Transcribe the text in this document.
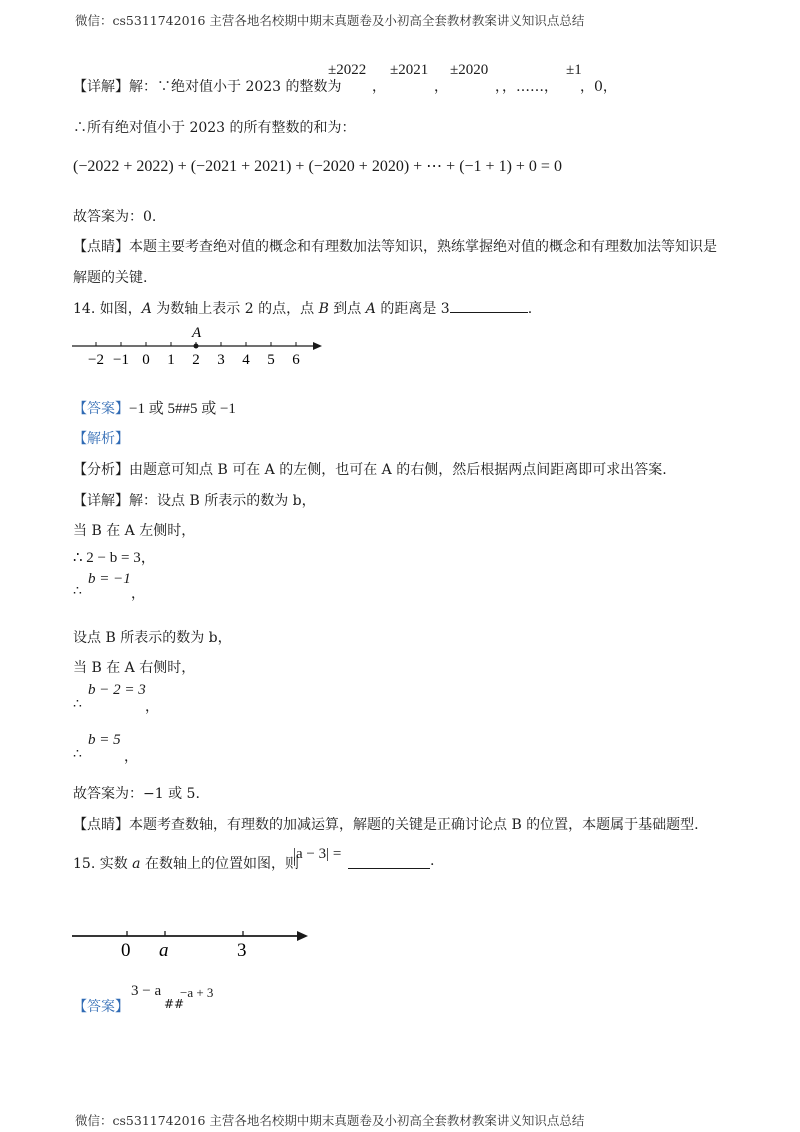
微信：cs5311742016 主营各地名校期中期末真题卷及小初高全套教材教案讲义知识点总结
【详解】解：∵绝对值小于 2023 的整数为
±2022
，
±2021
，
±2020
，，……，
±1
，0，
∴所有绝对值小于 2023 的所有整数的和为：
(−2022 + 2022) + (−2021 + 2021) + (−2020 + 2020) + ⋯ + (−1 + 1) + 0 = 0
故答案为：0.
【点睛】本题主要考查绝对值的概念和有理数加法等知识，熟练掌握绝对值的概念和有理数加法等知识是
解题的关键.
14. 如图，A 为数轴上表示 2 的点，点 B 到点 A 的距离是 3	.
A
−2 −1 0 1 2 3 4 5 6
【答案】−1 或 5##5 或 −1
【解析】
【分析】由题意可知点 B 可在 A 的左侧，也可在 A 的右侧，然后根据两点间距离即可求出答案.
【详解】解：设点 B 所表示的数为 b，
当 B 在 A 左侧时，
∴ 2 − b = 3，
∴
b = −1
，
设点 B 所表示的数为 b，
当 B 在 A 右侧时，
∴
b − 2 = 3
，
∴
b = 5
，
故答案为：−1 或 5.
【点睛】本题考查数轴，有理数的加减运算，解题的关键是正确讨论点 B 的位置，本题属于基础题型.
15. 实数 a 在数轴上的位置如图，则
|a − 3| =	.
0 a	3
【答案】
3 − a
##
−a + 3
微信：cs5311742016 主营各地名校期中期末真题卷及小初高全套教材教案讲义知识点总结
